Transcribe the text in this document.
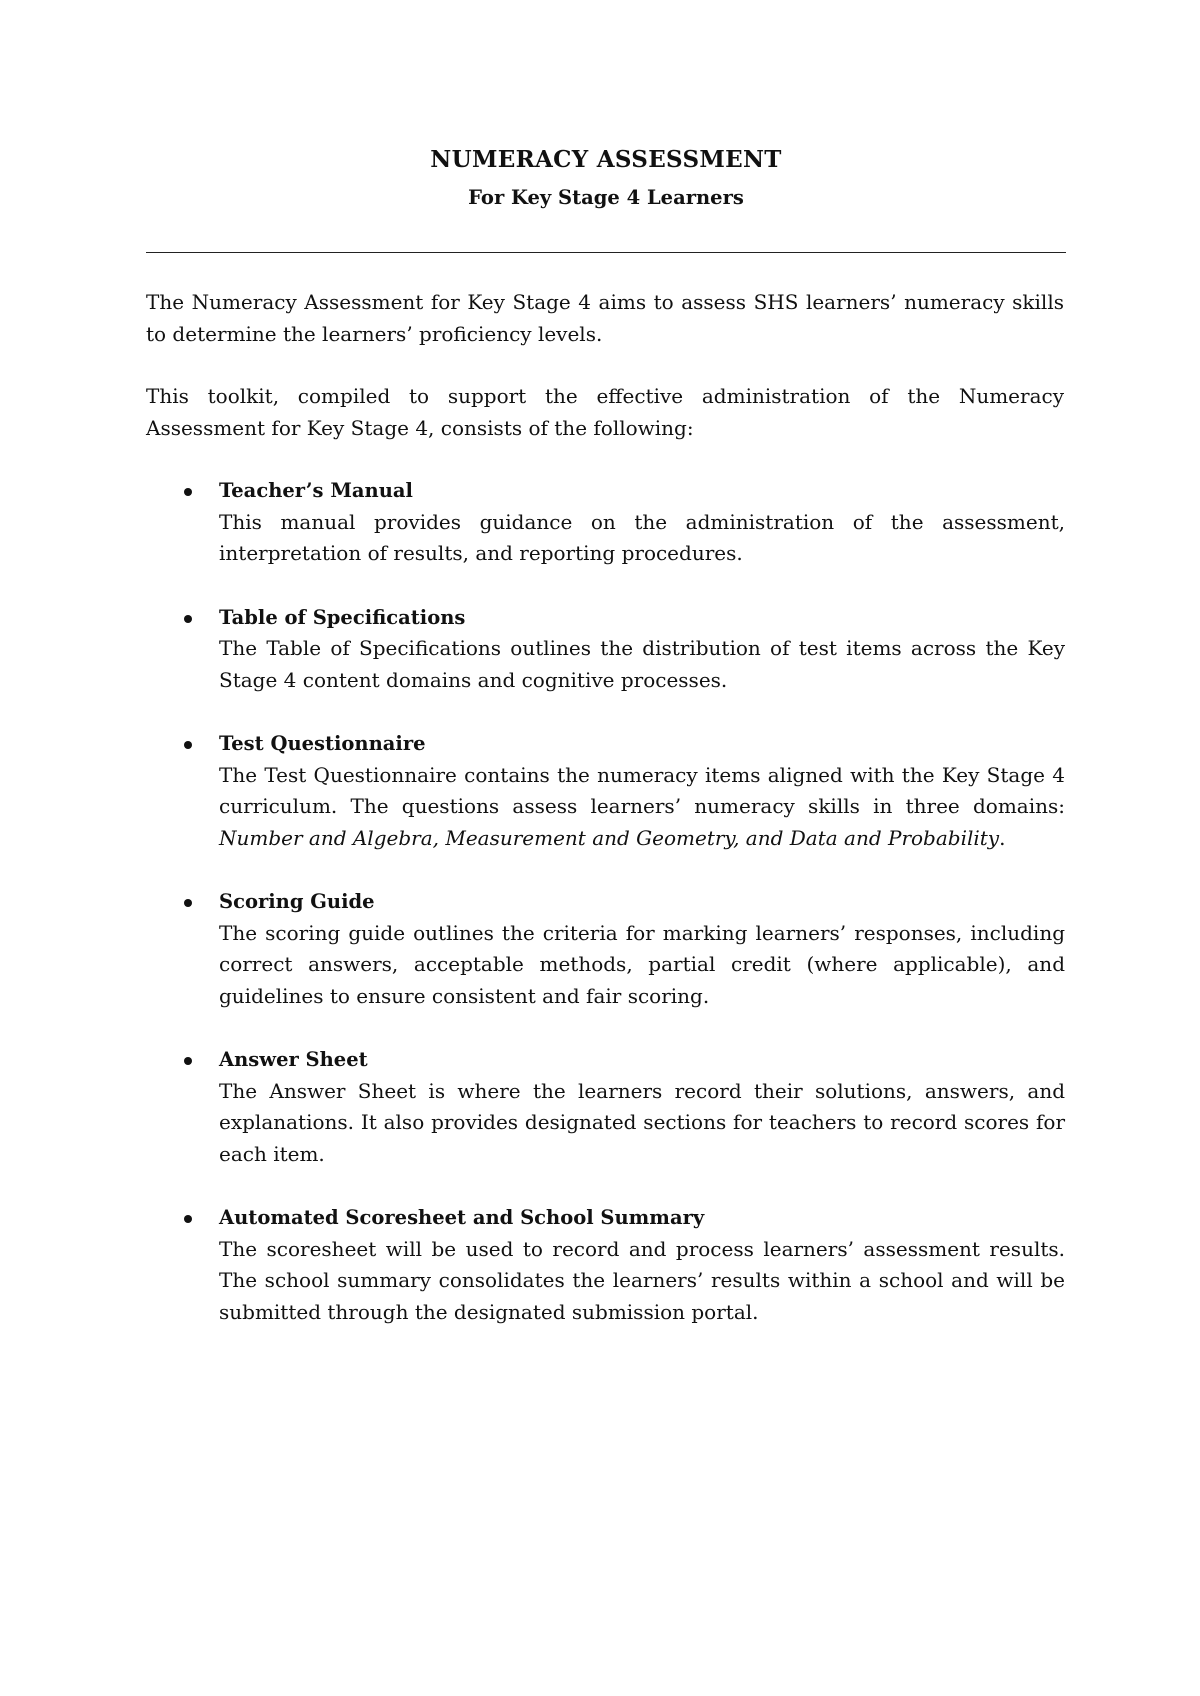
NUMERACY ASSESSMENT
For Key Stage 4 Learners
The Numeracy Assessment for Key Stage 4 aims to assess SHS learners’ numeracy skills to determine the learners’ proficiency levels.
This toolkit, compiled to support the effective administration of the Numeracy Assessment for Key Stage 4, consists of the following:
Teacher’s Manual
This manual provides guidance on the administration of the assessment, interpretation of results, and reporting procedures.
Table of Specifications
The Table of Specifications outlines the distribution of test items across the Key Stage 4 content domains and cognitive processes.
Test Questionnaire
The Test Questionnaire contains the numeracy items aligned with the Key Stage 4 curriculum. The questions assess learners’ numeracy skills in three domains: Number and Algebra, Measurement and Geometry, and Data and Probability.
Scoring Guide
The scoring guide outlines the criteria for marking learners’ responses, including correct answers, acceptable methods, partial credit (where applicable), and guidelines to ensure consistent and fair scoring.
Answer Sheet
The Answer Sheet is where the learners record their solutions, answers, and explanations. It also provides designated sections for teachers to record scores for each item.
Automated Scoresheet and School Summary
The scoresheet will be used to record and process learners’ assessment results. The school summary consolidates the learners’ results within a school and will be submitted through the designated submission portal.
